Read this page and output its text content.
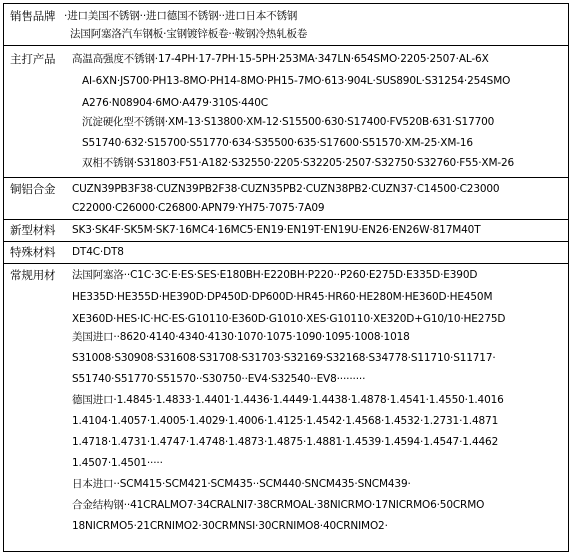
销售品牌 ·进口美国不锈钢··进口德国不锈钢··进口日本不锈钢
法国阿塞洛汽车钢板·宝钢镀锌板卷··鞍钢冷热轧板卷
主打产品 高温高强度不锈钢·17-4PH·17-7PH·15-5PH·253MA·347LN·654SMO·2205·2507·AL-6X
AI-6XN·JS700·PH13-8MO·PH14-8MO·PH15-7MO·613·904L·SUS890L·S31254·254SMO
A276·N08904·6MO·A479·310S·440C
沉淀硬化型不锈钢·XM-13·S13800·XM-12·S15500·630·S17400·FV520B·631·S17700
S51740·632·S15700·S51770·634·S35500·635·S17600·S51570·XM-25·XM-16
双相不锈钢·S31803·F51·A182·S32550·2205·S32205·2507·S32750·S32760·F55·XM-26
铜铝合金 CUZN39PB3F38·CUZN39PB2F38·CUZN35PB2·CUZN38PB2·CUZN37·C14500·C23000
C22000·C26000·C26800·APN79·YH75·7075·7A09
新型材料 SK3·SK4F·SK5M·SK7·16MC4·16MC5·EN19·EN19T·EN19U·EN26·EN26W·817M40T
特殊材料 DT4C·DT8
常规用材 法国阿塞洛··C1C·3C·E·ES·SES·E180BH·E220BH·P220··P260·E275D·E335D·E390D
HE335D·HE355D·HE390D·DP450D·DP600D·HR45·HR60·HE280M·HE360D·HE450M
XE360D·HES·IC·HC·ES·G10110·E360D·G1010·XES·G10110·XE320D+G10/10·HE275D
美国进口··8620·4140·4340·4130·1070·1075·1090·1095·1008·1018
S31008·S30908·S31608·S31708·S31703·S32169·S32168·S34778·S11710·S11717·
S51740·S51770·S51570··S30750··EV4·S32540··EV8·········
德国进口·1.4845·1.4833·1.4401·1.4436·1.4449·1.4438·1.4878·1.4541·1.4550·1.4016
1.4104·1.4057·1.4005·1.4029·1.4006·1.4125·1.4542·1.4568·1.4532·1.2731·1.4871
1.4718·1.4731·1.4747·1.4748·1.4873·1.4875·1.4881·1.4539·1.4594·1.4547·1.4462
1.4507·1.4501·····
日本进口··SCM415·SCM421·SCM435··SCM440·SNCM435·SNCM439·
合金结构钢··41CRALMO7·34CRALNI7·38CRMOAL·38NICRMO·17NICRMO6·50CRMO
18NICRMO5·21CRNIMO2·30CRMNSI·30CRNIMO8·40CRNIMO2·
